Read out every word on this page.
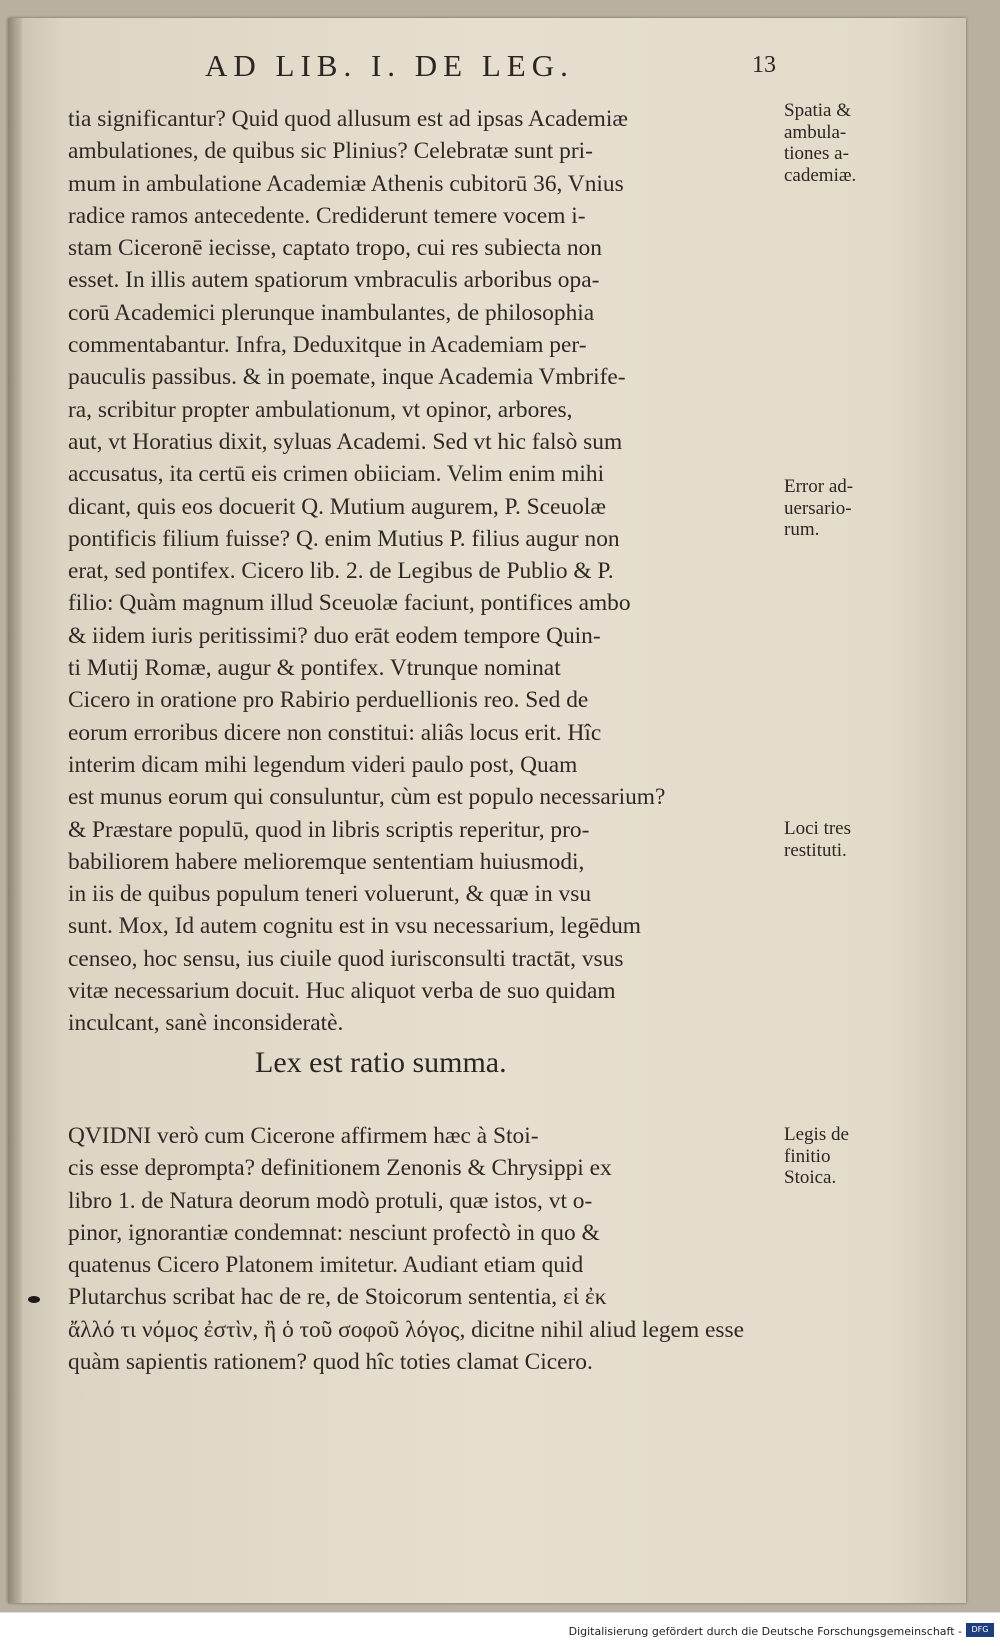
AD LIB. I. DE LEG.	13
tia significantur? Quid quod allusum est ad ipsas Academiæ
ambulationes, de quibus sic Plinius? Celebratæ sunt pri-
mum in ambulatione Academiæ Athenis cubitorū 36, Vnius
radice ramos antecedente. Crediderunt temere vocem i-
stam Ciceronē iecisse, captato tropo, cui res subiecta non
esset. In illis autem spatiorum vmbraculis arboribus opa-
corū Academici plerunque inambulantes, de philosophia
commentabantur. Infra, Deduxitque in Academiam per-
pauculis passibus. & in poemate, inque Academia Vmbrife-
ra, scribitur propter ambulationum, vt opinor, arbores,
aut, vt Horatius dixit, syluas Academi. Sed vt hic falsò sum
accusatus, ita certū eis crimen obiiciam. Velim enim mihi
dicant, quis eos docuerit Q. Mutium augurem, P. Sceuolæ
pontificis filium fuisse? Q. enim Mutius P. filius augur non
erat, sed pontifex. Cicero lib. 2. de Legibus de Publio & P.
filio: Quàm magnum illud Sceuolæ faciunt, pontifices ambo
& iidem iuris peritissimi? duo erāt eodem tempore Quin-
ti Mutij Romæ, augur & pontifex. Vtrunque nominat
Cicero in oratione pro Rabirio perduellionis reo. Sed de
eorum erroribus dicere non constitui: aliâs locus erit. Hîc
interim dicam mihi legendum videri paulo post, Quam
est munus eorum qui consuluntur, cùm est populo necessarium?
& Præstare populū, quod in libris scriptis reperitur, pro-
babiliorem habere melioremque sententiam huiusmodi,
in iis de quibus populum teneri voluerunt, & quæ in vsu
sunt. Mox, Id autem cognitu est in vsu necessarium, legēdum
censeo, hoc sensu, ius ciuile quod iurisconsulti tractāt, vsus
vitæ necessarium docuit. Huc aliquot verba de suo quidam
inculcant, sanè inconsideratè.
Lex est ratio summa.
QVIDNI verò cum Cicerone affirmem hæc à Stoi-
cis esse deprompta? definitionem Zenonis & Chrysippi ex
libro 1. de Natura deorum modò protuli, quæ istos, vt o-
pinor, ignorantiæ condemnat: nesciunt profectò in quo &
quatenus Cicero Platonem imitetur. Audiant etiam quid
Plutarchus scribat hac de re, de Stoicorum sententia, εἰ ἐκ
ἄλλό τι νόμος ἐστὶν, ἢ ὁ τοῦ σοφοῦ λόγος, dicitne nihil aliud legem esse
quàm sapientis rationem? quod hîc toties clamat Cicero.
Spatia &
ambula-
tiones a-
cademiæ.
Error ad-
uersario-
rum.
Loci tres
restituti.
Legis de
finitio
Stoica.
Digitalisierung gefördert durch die Deutsche Forschungsgemeinschaft -	DFG
